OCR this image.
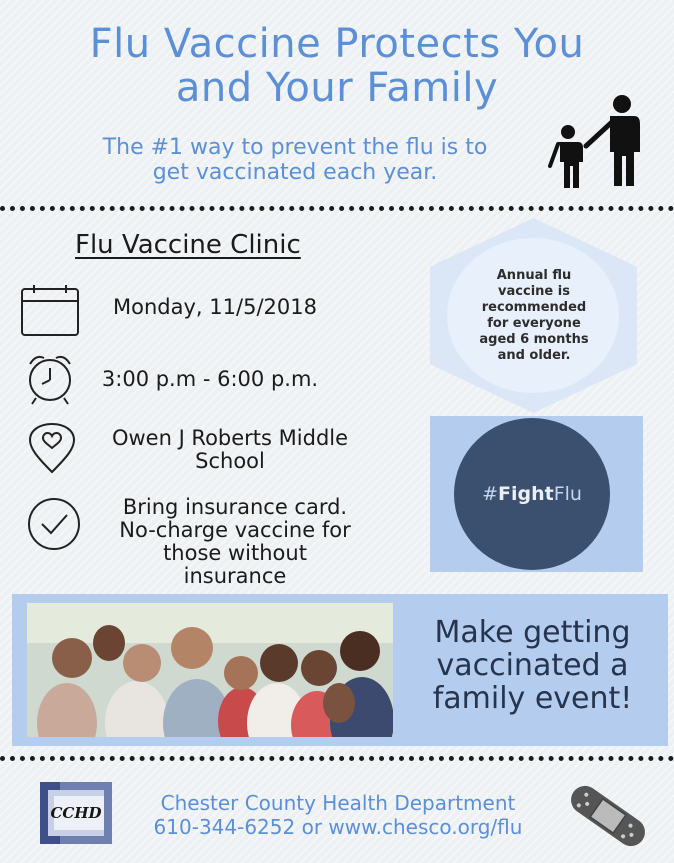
Flu Vaccine Protects You
and Your Family
The #1 way to prevent the flu is to
get vaccinated each year.
Flu Vaccine Clinic
Monday, 11/5/2018
3:00 p.m - 6:00 p.m.
Owen J Roberts Middle
School
Bring insurance card.
No-charge vaccine for
those without
insurance
Annual flu
vaccine is
recommended
for everyone
aged 6 months
and older.
#FightFlu
Make getting
vaccinated a
family event!
CCHD	Chester County Health Department
610-344-6252 or www.chesco.org/flu
